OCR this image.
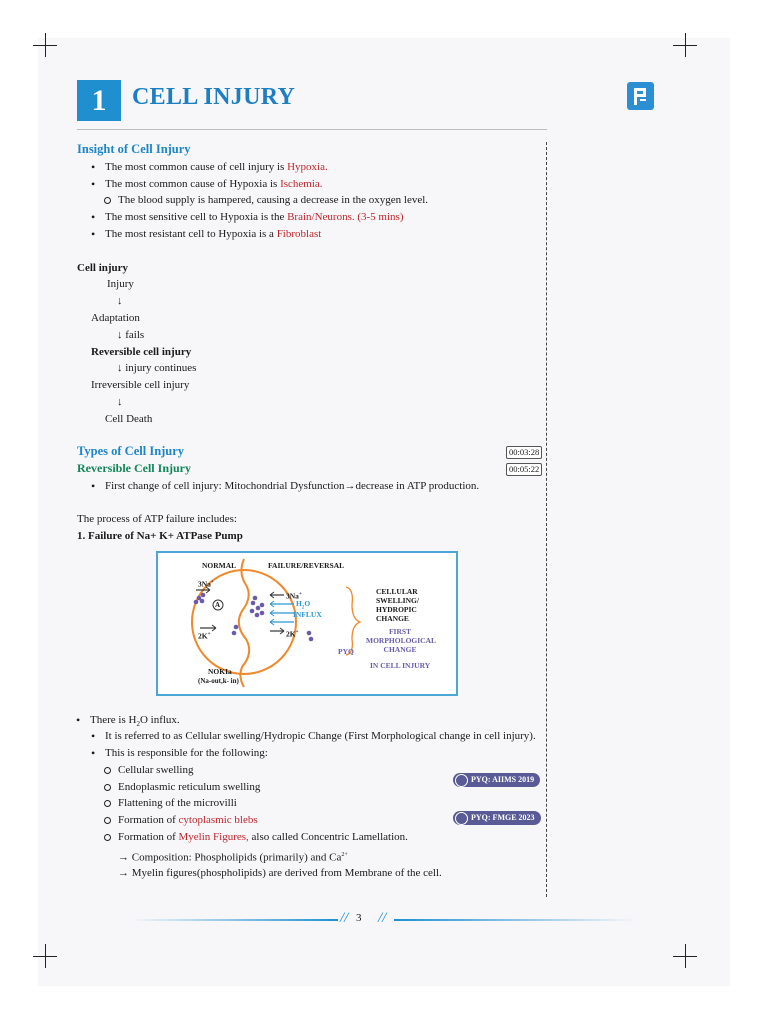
1	CELL INJURY
Insight of Cell Injury
• The most common cause of cell injury is Hypoxia.
• The most common cause of Hypoxia is Ischemia.
The blood supply is hampered, causing a decrease in the oxygen level.
• The most sensitive cell to Hypoxia is the Brain/Neurons. (3-5 mins)
• The most resistant cell to Hypoxia is a Fibroblast
Cell injury
Injury
↓
Adaptation
↓ fails
Reversible cell injury
↓ injury continues
Irreversible cell injury
↓
Cell Death
Types of Cell Injury	00:03:28
Reversible Cell Injury	00:05:22
• First change of cell injury: Mitochondrial Dysfunction→decrease in ATP production.
The process of ATP failure includes:
1. Failure of Na+ K+ ATPase Pump
NORMAL	FAILURE/REVERSAL
3Na+
3Na+
A	$H_2O$
INFLUX
2K+	2K+
CELLULAR
SWELLING/
HYDROPIC
CHANGE
FIRST
MORPHOLOGICAL
CHANGE
PYQ
IN CELL INJURY
NOKIa
(Na-out,k- in)
• There is $H_2O$ influx.
• It is referred to as Cellular swelling/Hydropic Change (First Morphological change in cell injury).
• This is responsible for the following:
Cellular swelling
Endoplasmic reticulum swelling
Flattening of the microvilli
Formation of cytoplasmic blebs
Formation of Myelin Figures, also called Concentric Lamellation.
→ Composition: Phospholipids (primarily) and $Ca^{2+}$
→ Myelin figures(phospholipids) are derived from Membrane of the cell.
PYQ: AIIMS 2019
PYQ: FMGE 2023
// 3 //
